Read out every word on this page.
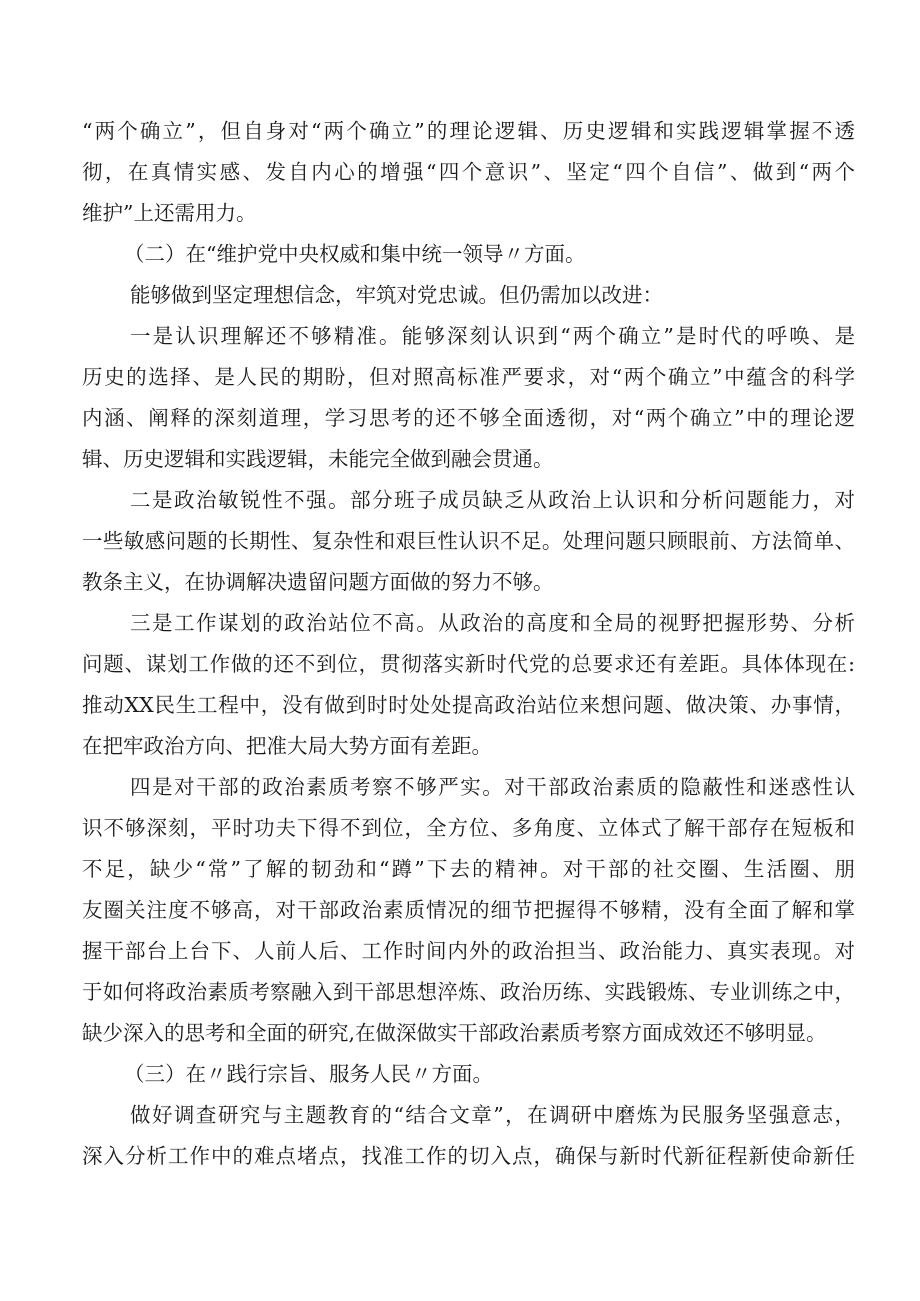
“两个确立”，但自身对“两个确立”的理论逻辑、历史逻辑和实践逻辑掌握不透
彻，在真情实感、发自内心的增强“四个意识”、坚定“四个自信”、做到“两个
维护”上还需用力。
（二）在“维护党中央权威和集中统一领导〃方面。
能够做到坚定理想信念，牢筑对党忠诚。但仍需加以改进：
一是认识理解还不够精准。能够深刻认识到“两个确立”是时代的呼唤、是
历史的选择、是人民的期盼，但对照高标准严要求，对“两个确立”中蕴含的科学
内涵、阐释的深刻道理，学习思考的还不够全面透彻，对“两个确立”中的理论逻
辑、历史逻辑和实践逻辑，未能完全做到融会贯通。
二是政治敏锐性不强。部分班子成员缺乏从政治上认识和分析问题能力，对
一些敏感问题的长期性、复杂性和艰巨性认识不足。处理问题只顾眼前、方法简单、
教条主义，在协调解决遗留问题方面做的努力不够。
三是工作谋划的政治站位不高。从政治的高度和全局的视野把握形势、分析
问题、谋划工作做的还不到位，贯彻落实新时代党的总要求还有差距。具体体现在:
推动XX民生工程中，没有做到时时处处提高政治站位来想问题、做决策、办事情，
在把牢政治方向、把准大局大势方面有差距。
四是对干部的政治素质考察不够严实。对干部政治素质的隐蔽性和迷惑性认
识不够深刻，平时功夫下得不到位，全方位、多角度、立体式了解干部存在短板和
不足，缺少“常”了解的韧劲和“蹲”下去的精神。对干部的社交圈、生活圈、朋
友圈关注度不够高，对干部政治素质情况的细节把握得不够精，没有全面了解和掌
握干部台上台下、人前人后、工作时间内外的政治担当、政治能力、真实表现。对
于如何将政治素质考察融入到干部思想淬炼、政治历练、实践锻炼、专业训练之中，
缺少深入的思考和全面的研究,在做深做实干部政治素质考察方面成效还不够明显。
（三）在〃践行宗旨、服务人民〃方面。
做好调查研究与主题教育的“结合文章”，在调研中磨炼为民服务坚强意志，
深入分析工作中的难点堵点，找准工作的切入点，确保与新时代新征程新使命新任
